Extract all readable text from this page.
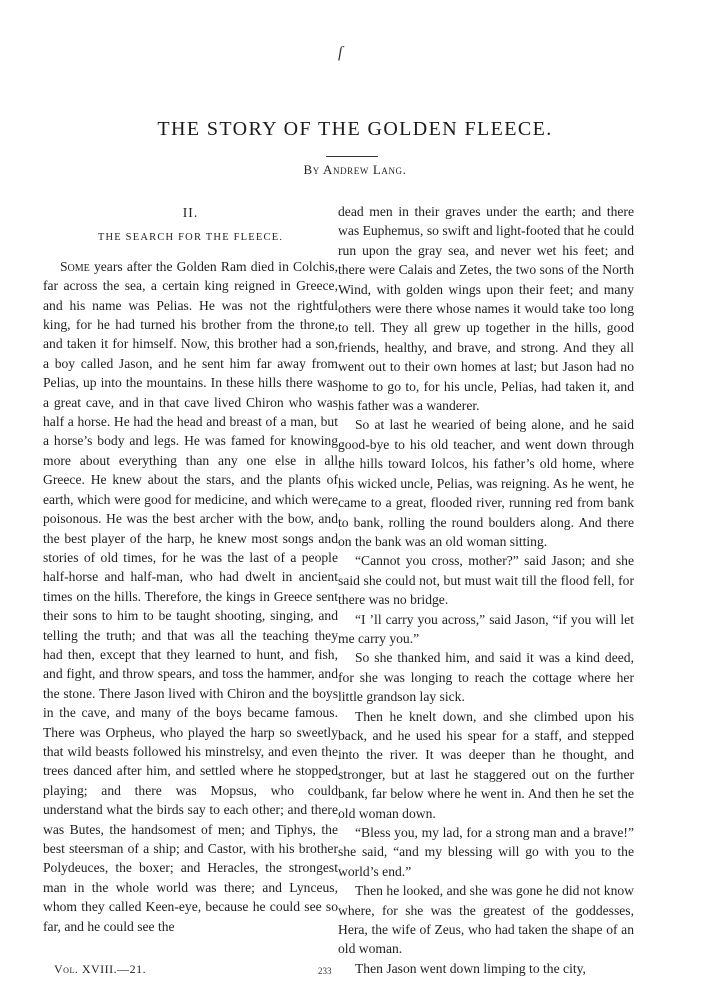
ſ
THE STORY OF THE GOLDEN FLEECE.
By Andrew Lang.
II.
THE SEARCH FOR THE FLEECE.

Some years after the Golden Ram died in Colchis, far across the sea, a certain king reigned in Greece, and his name was Pelias. He was not the rightful king, for he had turned his brother from the throne, and taken it for himself. Now, this brother had a son, a boy called Jason, and he sent him far away from Pelias, up into the mountains. In these hills there was a great cave, and in that cave lived Chiron who was half a horse. He had the head and breast of a man, but a horse’s body and legs. He was famed for knowing more about everything than any one else in all Greece. He knew about the stars, and the plants of earth, which were good for medicine, and which were poisonous. He was the best archer with the bow, and the best player of the harp, he knew most songs and stories of old times, for he was the last of a people half-horse and half-man, who had dwelt in ancient times on the hills. Therefore, the kings in Greece sent their sons to him to be taught shooting, singing, and telling the truth; and that was all the teaching they had then, except that they learned to hunt, and fish, and fight, and throw spears, and toss the hammer, and the stone. There Jason lived with Chiron and the boys in the cave, and many of the boys became famous. There was Orpheus, who played the harp so sweetly that wild beasts followed his minstrelsy, and even the trees danced after him, and settled where he stopped playing; and there was Mopsus, who could understand what the birds say to each other; and there was Butes, the handsomest of men; and Tiphys, the best steersman of a ship; and Castor, with his brother Polydeuces, the boxer; and Heracles, the strongest man in the whole world was there; and Lynceus, whom they called Keen-eye, because he could see so far, and he could see the

dead men in their graves under the earth; and there was Euphemus, so swift and light-footed that he could run upon the gray sea, and never wet his feet; and there were Calais and Zetes, the two sons of the North Wind, with golden wings upon their feet; and many others were there whose names it would take too long to tell. They all grew up together in the hills, good friends, healthy, and brave, and strong. And they all went out to their own homes at last; but Jason had no home to go to, for his uncle, Pelias, had taken it, and his father was a wanderer.

So at last he wearied of being alone, and he said good-bye to his old teacher, and went down through the hills toward Iolcos, his father’s old home, where his wicked uncle, Pelias, was reigning. As he went, he came to a great, flooded river, running red from bank to bank, rolling the round boulders along. And there on the bank was an old woman sitting.

“Cannot you cross, mother?” said Jason; and she said she could not, but must wait till the flood fell, for there was no bridge.

“I ’ll carry you across,” said Jason, “if you will let me carry you.”

So she thanked him, and said it was a kind deed, for she was longing to reach the cottage where her little grandson lay sick.

Then he knelt down, and she climbed upon his back, and he used his spear for a staff, and stepped into the river. It was deeper than he thought, and stronger, but at last he staggered out on the further bank, far below where he went in. And then he set the old woman down.

“Bless you, my lad, for a strong man and a brave!” she said, “and my blessing will go with you to the world’s end.”

Then he looked, and she was gone he did not know where, for she was the greatest of the goddesses, Hera, the wife of Zeus, who had taken the shape of an old woman.

Then Jason went down limping to the city,

Vol. XVIII.—21.	233
